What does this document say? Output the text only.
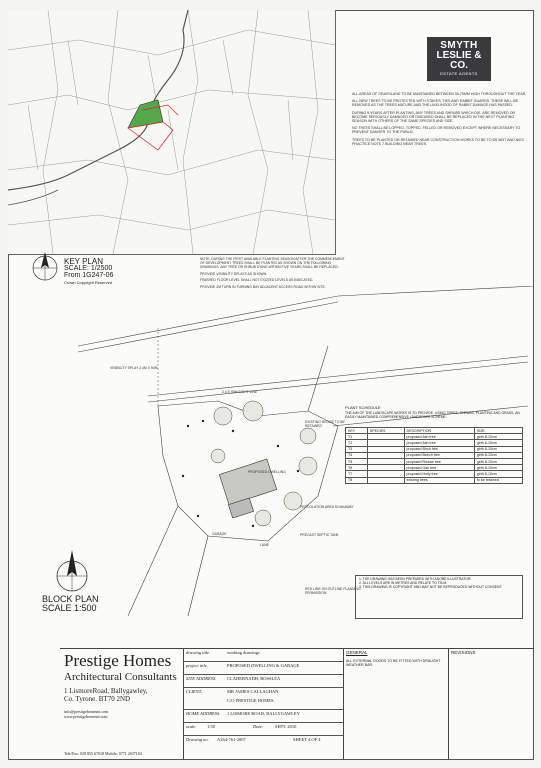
SMYTH
LESLIE & CO.
ESTATE AGENTS

ALL AREAS OF GRASSLAND TO BE MAINTAINED BETWEEN 35-75MM HIGH THROUGHOUT THE YEAR.

ALL NEW TREES TO BE PROTECTED WITH STAKES, TIES AND RABBIT GUARDS. THESE WILL BE REMOVED AS THE TREES MATURE AND THE LIKELIHOOD OF RABBIT DAMAGE HAS PASSED.

DURING 5 YEARS AFTER PLANTING, ANY TREES AND SHRUBS WHICH DIE, ARE REMOVED OR BECOME SERIOUSLY DAMAGED OR DISEASED SHALL BE REPLACED IN THE NEXT PLANTING SEASON WITH OTHERS OF THE SAME SPECIES AND SIZE.

NO TREES SHALL BE LOPPED, TOPPED, FELLED OR REMOVED EXCEPT WHERE NECESSARY TO PREVENT DANGER TO THE PUBLIC.

TREES TO BE PLANTED OR RETAINED NEAR CONSTRUCTION WORKS TO BE TO BS 5837 AND NIEC PRACTICE NOTE 7 BUILDING NEAR TREES.

KEY PLAN
SCALE: 1/2500
From 1G247-06
Crown Copyright Reserved

NOTE: DURING THE FIRST AVAILABLE PLANTING SEASON AFTER THE COMMENCEMENT OF DEVELOPMENT TREES SHALL BE PLANTED AS SHOWN ON THE FOLLOWING DRAWINGS. ANY TREE OR SHRUB DYING WITHIN FIVE YEARS SHALL BE REPLACED.

PROVIDE VISIBILITY SPLAYS AS SHOWN.

FINISHED FLOOR LEVEL SHALL NOT EXCEED LEVELS AS INDICATED.

PROVIDE 2M TURN IN TURNING BAY ADJACENT ACCESS ROAD WITHIN SITE.

2.4 X 90M SIGHT LINE
EXISTING HEDGE TO BE RETAINED
PROPOSED DWELLING
GARAGE
LANE
PRECAST SEPTIC TANK
RED LINE ON OUTLINE PLANNING PERMISSION
PERCOLATION AREA SOAKAWAY
VISIBILITY SPLAY 2.4M X 90M
PLANT SCHEDULE
THE AIM OF THE LANDSCAPE WORKS IS TO PROVIDE, USING TREES, SHRUBS, PLANTING AND GRASS, AN EASILY MAINTAINED COMPREHENSIVE LANDSCAPE SCHEME.
KEY	SPECIES	DESCRIPTION	SIZE
T1		proposed Ash tree	girth 8-10cm
T2		proposed Ash tree	girth 8-10cm
T3		proposed Birch tree	girth 8-10cm
T4		proposed Beech tree	girth 8-10cm
T5		proposed Rowan tree	girth 8-10cm
T6		proposed Oak tree	girth 8-10cm
T7		proposed Holly tree	girth 8-10cm
T8		existing trees	to be retained
1. THE DRAWING HAS BEEN PREPARED WITH ADOBE ILLUSTRATOR.
2. ALL LEVELS ARE IN METRES AND RELATE TO T.B.M.
3. THIS DRAWING IS COPYRIGHT AND MAY NOT BE REPRODUCED WITHOUT CONSENT.
BLOCK PLAN
SCALE 1:500
Prestige Homes
Architectural Consultants
1 LismoreRoad, Ballygawley,
Co. Tyrone. BT70 2ND
info@prestigehomesni.com
www.prestigehomesni.com
Tele/Fax: 028 855 67018 Mobile: 0771 2637104
drawing title.	working drawings
project title.	PROPOSED DWELLING & GARAGE
SITE ADDRESS. CLAHERNADH, ROSSLEA
CLIENT.	MR JAMES CALLAGHAN
C/O PRESTIGE HOMES.
HOME ADDRESS. 1 LISMORE ROAD, BALLYGAWLEY
scale: 1:50	Date:	SEPT. 2010
Drawing no. A264-761-2007	SHEET 4 OF 4
GENERAL
ALL EXTERNAL DOORS TO BE FITTED WITH DRAUGHT WEATHER BAR.
REVISIONS
